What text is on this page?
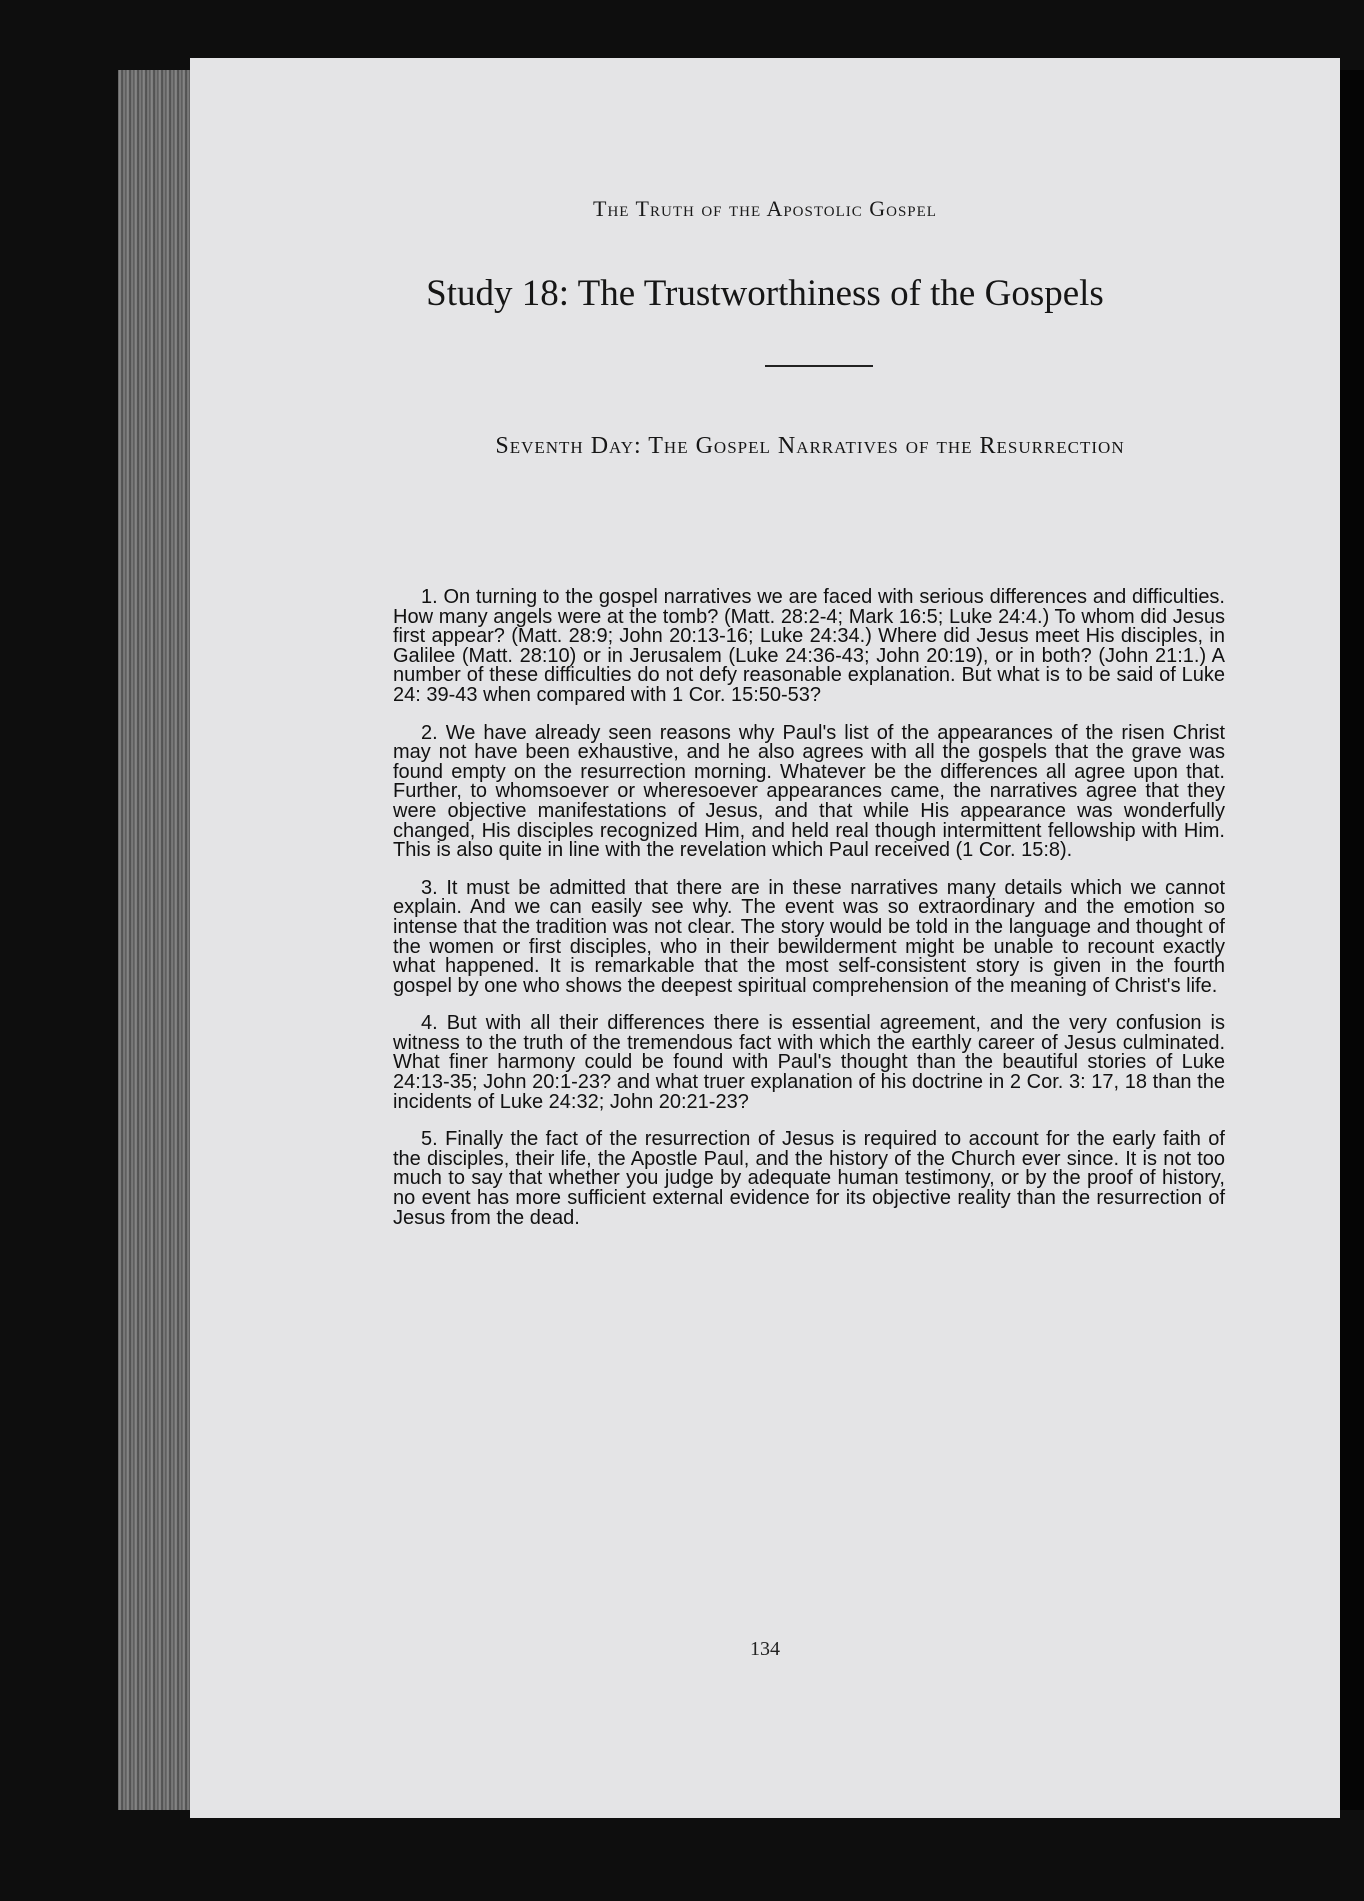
The Truth of the Apostolic Gospel
Study 18: The Trustworthiness of the Gospels
Seventh Day: The Gospel Narratives of the Resurrection

1. On turning to the gospel narratives we are faced with serious differences and difficulties. How many angels were at the tomb? (Matt. 28:2-4; Mark 16:5; Luke 24:4.) To whom did Jesus first appear? (Matt. 28:9; John 20:13-16; Luke 24:34.) Where did Jesus meet His disciples, in Galilee (Matt. 28:10) or in Jerusalem (Luke 24:36-43; John 20:19), or in both? (John 21:1.) A number of these difficulties do not defy reasonable explanation. But what is to be said of Luke 24: 39-43 when compared with 1 Cor. 15:50-53?

2. We have already seen reasons why Paul's list of the appearances of the risen Christ may not have been exhaustive, and he also agrees with all the gospels that the grave was found empty on the resurrection morning. Whatever be the differences all agree upon that. Further, to whomsoever or wheresoever appearances came, the narratives agree that they were objective manifestations of Jesus, and that while His appearance was wonderfully changed, His disciples recognized Him, and held real though intermittent fellowship with Him. This is also quite in line with the revelation which Paul received (1 Cor. 15:8).

3. It must be admitted that there are in these narratives many details which we cannot explain. And we can easily see why. The event was so extraordinary and the emotion so intense that the tradition was not clear. The story would be told in the language and thought of the women or first disciples, who in their bewilderment might be unable to recount exactly what happened. It is remarkable that the most self-consistent story is given in the fourth gospel by one who shows the deepest spiritual comprehension of the meaning of Christ's life.

4. But with all their differences there is essential agreement, and the very confusion is witness to the truth of the tremendous fact with which the earthly career of Jesus culminated. What finer harmony could be found with Paul's thought than the beautiful stories of Luke 24:13-35; John 20:1-23? and what truer explanation of his doctrine in 2 Cor. 3: 17, 18 than the incidents of Luke 24:32; John 20:21-23?

5. Finally the fact of the resurrection of Jesus is required to account for the early faith of the disciples, their life, the Apostle Paul, and the history of the Church ever since. It is not too much to say that whether you judge by adequate human testimony, or by the proof of history, no event has more sufficient external evidence for its objective reality than the resurrection of Jesus from the dead.

134
